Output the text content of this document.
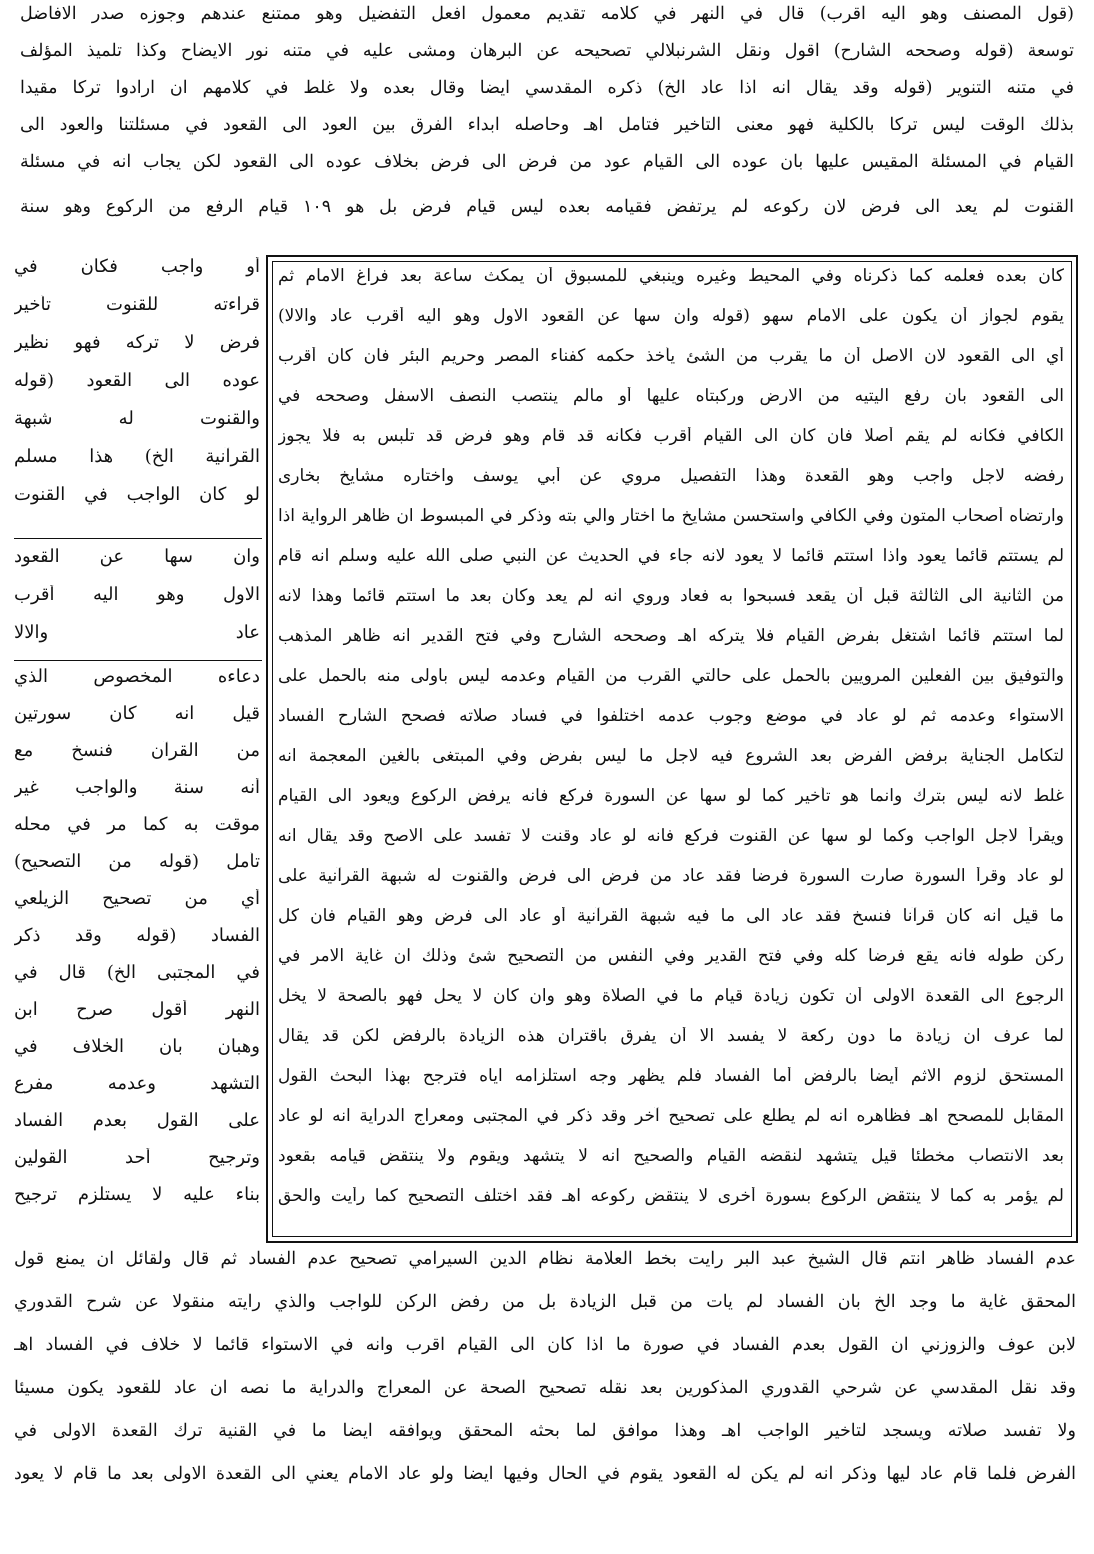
(قول المصنف وهو اليه أقرب) قال في النهر في كلامه تقديم معمول أفعل التفضيل وهو ممتنع عندهم وجوزه صدر الافاضل
توسعة (قوله وصححه الشارح) أقول ونقل الشرنبلالي تصحيحه عن البرهان ومشى عليه في متنه نور الايضاح وكذا تلميذ المؤلف
في متنه التنوير (قوله وقد يقال انه اذا عاد الخ) ذكره المقدسي أيضا وقال بعده ولا غلط في كلامهم ان أرادوا تركا مقيدا
بذلك الوقت ليس تركا بالكلية فهو معنى التأخير فتأمل اهـ وحاصله ابداء الفرق بين العود الى القعود في مسئلتنا والعود الى
القيام في المسئلة المقيس عليها بان عوده الى القيام عود من فرض الى فرض بخلاف عوده الى القعود لكن يجاب أنه في مسئلة
القنوت لم يعد الى فرض لان ركوعه لم يرتفض فقيامه بعده ليس قيام فرض بل هو ١٠٩ قيام الرفع من الركوع وهو سنة
كان بعده فعلمه كما ذكرناه وفي المحيط وغيره وينبغي للمسبوق أن يمكث ساعة بعد فراغ الامام ثم
يقوم لجواز أن يكون على الامام سهو (قوله وان سها عن القعود الاول وهو اليه أقرب عاد والالا)
أي الى القعود لان الاصل أن ما يقرب من الشئ يأخذ حكمه كفناء المصر وحريم البئر فان كان أقرب
الى القعود بان رفع اليتيه من الارض وركبتاه عليها أو مالم ينتصب النصف الاسفل وصححه في
الكافي فكانه لم يقم أصلا فان كان الى القيام أقرب فكانه قد قام وهو فرض قد تلبس به فلا يجوز
رفضه لاجل واجب وهو القعدة وهذا التفصيل مروي عن أبي يوسف واختاره مشايخ بخارى
وارتضاه أصحاب المتون وفي الكافي واستحسن مشايخ ما اختار والي بته وذكر في المبسوط ان ظاهر الرواية اذا
لم يستتم قائما يعود واذا استتم قائما لا يعود لانه جاء في الحديث عن النبي صلى الله عليه وسلم انه قام
من الثانية الى الثالثة قبل أن يقعد فسبحوا به فعاد وروي انه لم يعد وكان بعد ما استتم قائما وهذا لانه
لما استتم قائما اشتغل بفرض القيام فلا يتركه اهـ وصححه الشارح وفي فتح القدير انه ظاهر المذهب
والتوفيق بين الفعلين المرويين بالحمل على حالتي القرب من القيام وعدمه ليس باولى منه بالحمل على
الاستواء وعدمه ثم لو عاد في موضع وجوب عدمه اختلفوا في فساد صلاته فصحح الشارح الفساد
لتكامل الجناية برفض الفرض بعد الشروع فيه لاجل ما ليس بفرض وفي المبتغى بالغين المعجمة انه
غلط لانه ليس بترك وانما هو تأخير كما لو سها عن السورة فركع فانه يرفض الركوع ويعود الى القيام
ويقرأ لاجل الواجب وكما لو سها عن القنوت فركع فانه لو عاد وقنت لا تفسد على الاصح وقد يقال انه
لو عاد وقرأ السورة صارت السورة فرضا فقد عاد من فرض الى فرض والقنوت له شبهة القرآنية على
ما قيل انه كان قرآنا فنسخ فقد عاد الى ما فيه شبهة القرآنية أو عاد الى فرض وهو القيام فان كل
ركن طوله فانه يقع فرضا كله وفي فتح القدير وفي النفس من التصحيح شئ وذلك ان غاية الامر في
الرجوع الى القعدة الاولى أن تكون زيادة قيام ما في الصلاة وهو وان كان لا يحل فهو بالصحة لا يخل
لما عرف ان زيادة ما دون ركعة لا يفسد الا أن يفرق باقتران هذه الزيادة بالرفض لكن قد يقال
المستحق لزوم الاثم أيضا بالرفض أما الفساد فلم يظهر وجه استلزامه اياه فترجح بهذا البحث القول
المقابل للمصحح اهـ فظاهره انه لم يطلع على تصحيح آخر وقد ذكر في المجتبى ومعراج الدراية انه لو عاد
بعد الانتصاب مخطئا قيل يتشهد لنقضه القيام والصحيح انه لا يتشهد ويقوم ولا ينتقض قيامه بقعود
لم يؤمر به كما لا ينتقض الركوع بسورة أخرى لا ينتقض ركوعه اهـ فقد اختلف التصحيح كما رأيت والحق
أو واجب فكان في
قراءته للقنوت تأخير
فرض لا تركه فهو نظير
عوده الى القعود (قوله
والقنوت له شبهة
القرآنية الخ) هذا مسلم
لو كان الواجب في القنوت
وان سها عن القعود
الاول وهو اليه أقرب
عاد والالا
دعاءه المخصوص الذي
قيل انه كان سورتين
من القرآن فنسخ مع
أنه سنة والواجب غير
موقت به كما مر في محله
تأمل (قوله من التصحيح)
أي من تصحيح الزيلعي
الفساد (قوله وقد ذكر
في المجتبى الخ) قال في
النهر أقول صرح ابن
وهبان بان الخلاف في
التشهد وعدمه مفرع
على القول بعدم الفساد
وترجيح أحد القولين
بناء عليه لا يستلزم ترجيح
عدم الفساد ظاهر انتم قال الشيخ عبد البر رأيت بخط العلامة نظام الدين السيرامي تصحيح عدم الفساد ثم قال ولقائل أن يمنع قول
المحقق غاية ما وجد الخ بان الفساد لم يأت من قبل الزيادة بل من رفض الركن للواجب والذي رأيته منقولا عن شرح القدوري
لابن عوف والزوزني ان القول بعدم الفساد في صورة ما اذا كان الى القيام أقرب وأنه في الاستواء قائما لا خلاف في الفساد اهـ
وقد نقل المقدسي عن شرحي القدوري المذكورين بعد نقله تصحيح الصحة عن المعراج والدراية ما نصه ان عاد للقعود يكون مسيئا
ولا تفسد صلاته ويسجد لتأخير الواجب اهـ وهذا موافق لما بحثه المحقق ويوافقه أيضا ما في القنية ترك القعدة الاولى في
الفرض فلما قام عاد ليها وذكر انه لم يكن له القعود يقوم في الحال وفيها أيضا ولو عاد الامام يعني الى القعدة الاولى بعد ما قام لا يعود
